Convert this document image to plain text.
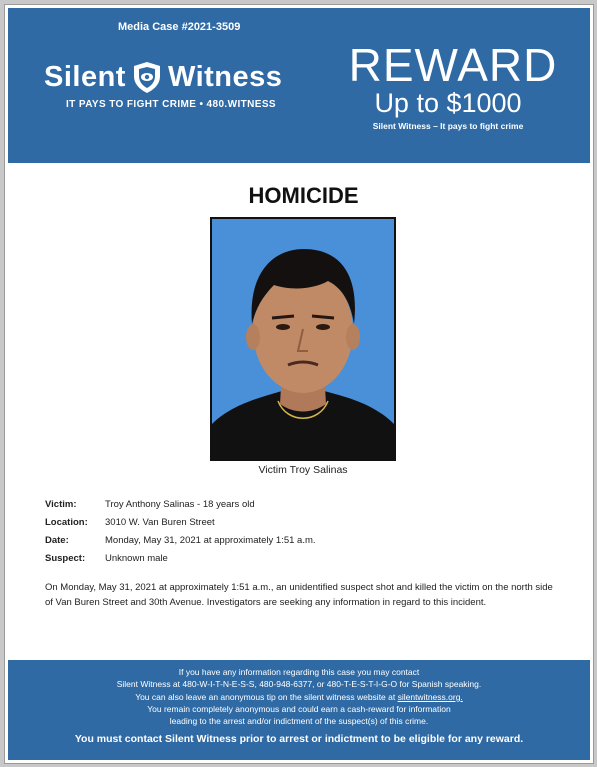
Media Case #2021-3509
Silent Witness
IT PAYS TO FIGHT CRIME • 480.WITNESS
REWARD
Up to $1000
Silent Witness – It pays to fight crime
HOMICIDE
Victim Troy Salinas
Victim:	Troy Anthony Salinas - 18 years old
Location:	3010 W. Van Buren Street
Date:	Monday, May 31, 2021 at approximately 1:51 a.m.
Suspect:	Unknown male
On Monday, May 31, 2021 at approximately 1:51 a.m., an unidentified suspect shot and killed the victim on the north side of Van Buren Street and 30th Avenue. Investigators are seeking any information in regard to this incident.
If you have any information regarding this case you may contact
Silent Witness at 480-W-I-T-N-E-S-S, 480-948-6377, or 480-T-E-S-T-I-G-O for Spanish speaking.
You can also leave an anonymous tip on the silent witness website at silentwitness.org.
You remain completely anonymous and could earn a cash-reward for information
leading to the arrest and/or indictment of the suspect(s) of this crime.
You must contact Silent Witness prior to arrest or indictment to be eligible for any reward.
